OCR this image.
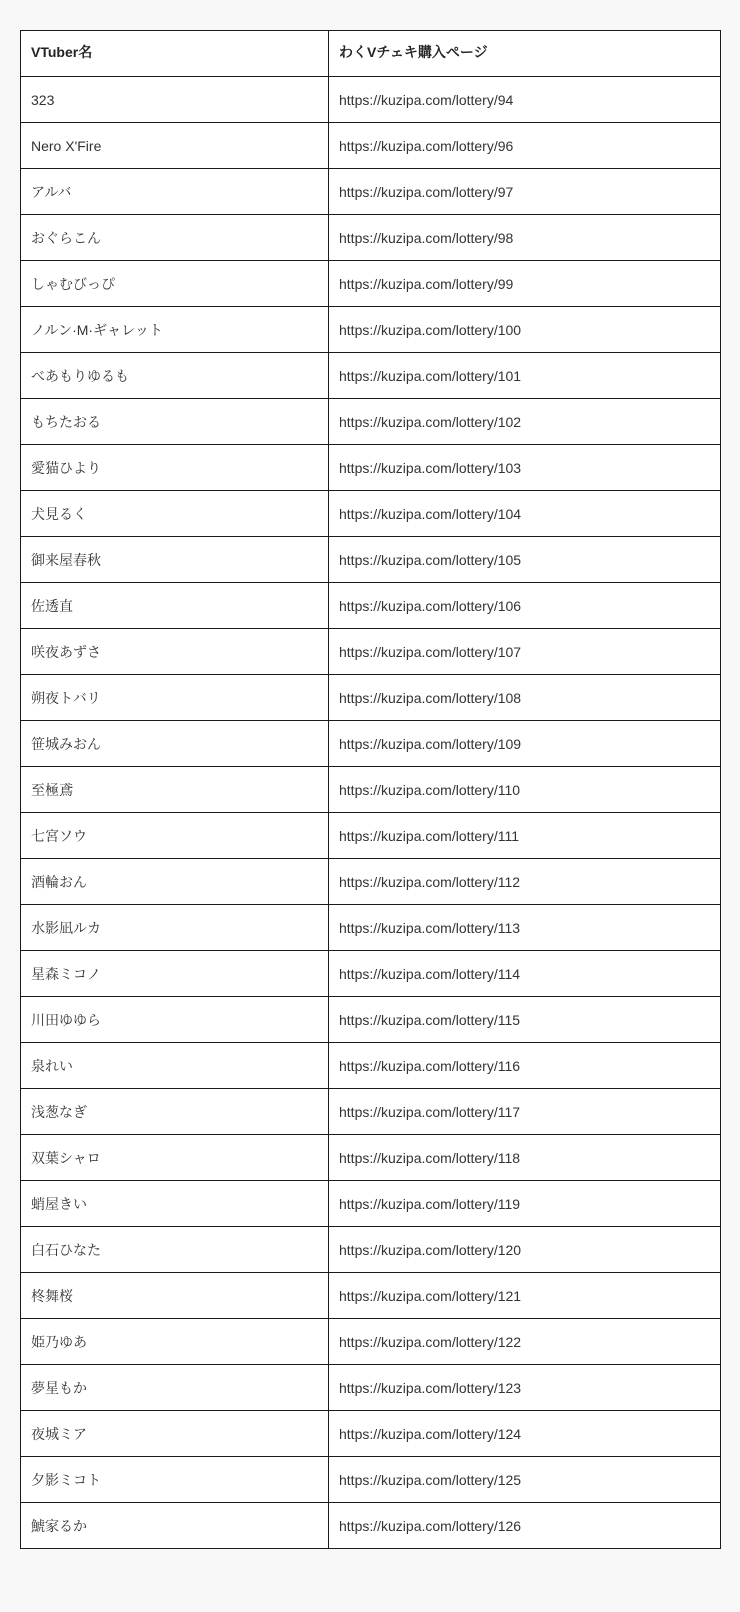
VTuber名	わくVチェキ購入ページ
323	https://kuzipa.com/lottery/94
Nero X'Fire	https://kuzipa.com/lottery/96
アルバ	https://kuzipa.com/lottery/97
おぐらこん	https://kuzipa.com/lottery/98
しゃむびっぴ	https://kuzipa.com/lottery/99
ノルン·M·ギャレット	https://kuzipa.com/lottery/100
べあもりゆるも	https://kuzipa.com/lottery/101
もちたおる	https://kuzipa.com/lottery/102
愛猫ひより	https://kuzipa.com/lottery/103
犬見るく	https://kuzipa.com/lottery/104
御来屋春秋	https://kuzipa.com/lottery/105
佐透直	https://kuzipa.com/lottery/106
咲夜あずさ	https://kuzipa.com/lottery/107
朔夜トバリ	https://kuzipa.com/lottery/108
笹城みおん	https://kuzipa.com/lottery/109
至極鳶	https://kuzipa.com/lottery/110
七宮ソウ	https://kuzipa.com/lottery/111
酒輪おん	https://kuzipa.com/lottery/112
水影凪ルカ	https://kuzipa.com/lottery/113
星森ミコノ	https://kuzipa.com/lottery/114
川田ゆゆら	https://kuzipa.com/lottery/115
泉れい	https://kuzipa.com/lottery/116
浅葱なぎ	https://kuzipa.com/lottery/117
双葉シャロ	https://kuzipa.com/lottery/118
蛸屋きい	https://kuzipa.com/lottery/119
白石ひなた	https://kuzipa.com/lottery/120
柊舞桜	https://kuzipa.com/lottery/121
姫乃ゆあ	https://kuzipa.com/lottery/122
夢星もか	https://kuzipa.com/lottery/123
夜城ミア	https://kuzipa.com/lottery/124
夕影ミコト	https://kuzipa.com/lottery/125
鯱家るか	https://kuzipa.com/lottery/126
